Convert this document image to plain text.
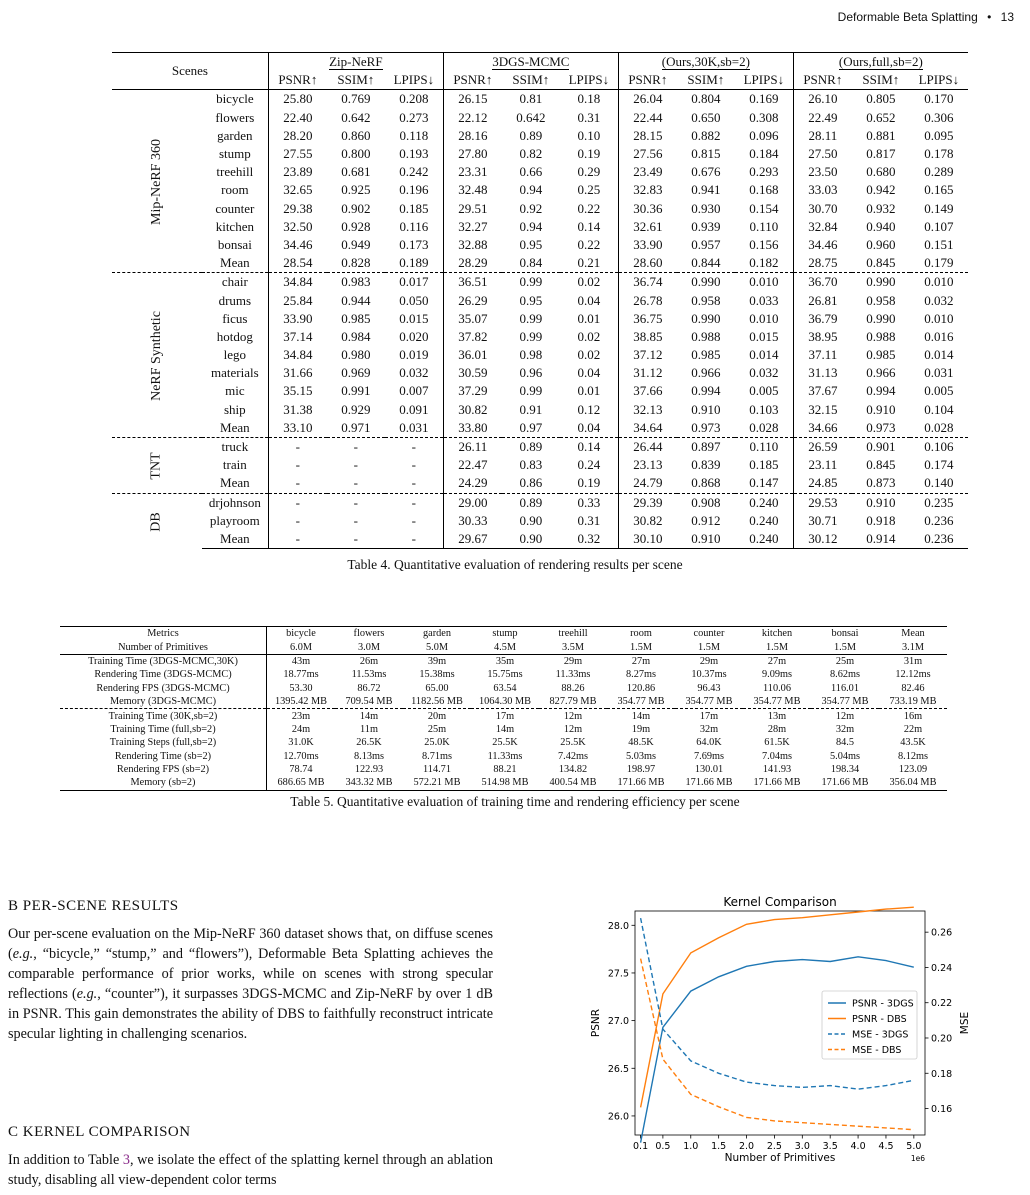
Deformable Beta Splatting • 13
Scenes		Zip-NeRF			3DGS-MCMC			(Ours,30K,sb=2)			(Ours,full,sb=2)		
		PSNR↑	SSIM↑	LPIPS↓	PSNR↑	SSIM↑	LPIPS↓	PSNR↑	SSIM↑	LPIPS↓	PSNR↑	SSIM↑	LPIPS↓
Mip-NeRF 360	bicycle	25.80	0.769	0.208	26.15	0.81	0.18	26.04	0.804	0.169	26.10	0.805	0.170
	flowers	22.40	0.642	0.273	22.12	0.642	0.31	22.44	0.650	0.308	22.49	0.652	0.306
	garden	28.20	0.860	0.118	28.16	0.89	0.10	28.15	0.882	0.096	28.11	0.881	0.095
	stump	27.55	0.800	0.193	27.80	0.82	0.19	27.56	0.815	0.184	27.50	0.817	0.178
	treehill	23.89	0.681	0.242	23.31	0.66	0.29	23.49	0.676	0.293	23.50	0.680	0.289
	room	32.65	0.925	0.196	32.48	0.94	0.25	32.83	0.941	0.168	33.03	0.942	0.165
	counter	29.38	0.902	0.185	29.51	0.92	0.22	30.36	0.930	0.154	30.70	0.932	0.149
	kitchen	32.50	0.928	0.116	32.27	0.94	0.14	32.61	0.939	0.110	32.84	0.940	0.107
	bonsai	34.46	0.949	0.173	32.88	0.95	0.22	33.90	0.957	0.156	34.46	0.960	0.151
	Mean	28.54	0.828	0.189	28.29	0.84	0.21	28.60	0.844	0.182	28.75	0.845	0.179
NeRF Synthetic	chair	34.84	0.983	0.017	36.51	0.99	0.02	36.74	0.990	0.010	36.70	0.990	0.010
	drums	25.84	0.944	0.050	26.29	0.95	0.04	26.78	0.958	0.033	26.81	0.958	0.032
	ficus	33.90	0.985	0.015	35.07	0.99	0.01	36.75	0.990	0.010	36.79	0.990	0.010
	hotdog	37.14	0.984	0.020	37.82	0.99	0.02	38.85	0.988	0.015	38.95	0.988	0.016
	lego	34.84	0.980	0.019	36.01	0.98	0.02	37.12	0.985	0.014	37.11	0.985	0.014
	materials	31.66	0.969	0.032	30.59	0.96	0.04	31.12	0.966	0.032	31.13	0.966	0.031
	mic	35.15	0.991	0.007	37.29	0.99	0.01	37.66	0.994	0.005	37.67	0.994	0.005
	ship	31.38	0.929	0.091	30.82	0.91	0.12	32.13	0.910	0.103	32.15	0.910	0.104
	Mean	33.10	0.971	0.031	33.80	0.97	0.04	34.64	0.973	0.028	34.66	0.973	0.028
TNT	truck	-	-	-	26.11	0.89	0.14	26.44	0.897	0.110	26.59	0.901	0.106
	train	-	-	-	22.47	0.83	0.24	23.13	0.839	0.185	23.11	0.845	0.174
	Mean	-	-	-	24.29	0.86	0.19	24.79	0.868	0.147	24.85	0.873	0.140
DB	drjohnson	-	-	-	29.00	0.89	0.33	29.39	0.908	0.240	29.53	0.910	0.235
	playroom	-	-	-	30.33	0.90	0.31	30.82	0.912	0.240	30.71	0.918	0.236
	Mean	-	-	-	29.67	0.90	0.32	30.10	0.910	0.240	30.12	0.914	0.236
Table 4. Quantitative evaluation of rendering results per scene
Metrics	bicycle	flowers	garden	stump	treehill	room	counter	kitchen	bonsai	Mean
Number of Primitives	6.0M	3.0M	5.0M	4.5M	3.5M	1.5M	1.5M	1.5M	1.5M	3.1M
Training Time (3DGS-MCMC,30K)	43m	26m	39m	35m	29m	27m	29m	27m	25m	31m
Rendering Time (3DGS-MCMC)	18.77ms	11.53ms	15.38ms	15.75ms	11.33ms	8.27ms	10.37ms	9.09ms	8.62ms	12.12ms
Rendering FPS (3DGS-MCMC)	53.30	86.72	65.00	63.54	88.26	120.86	96.43	110.06	116.01	82.46
Memory (3DGS-MCMC)	1395.42 MB	709.54 MB	1182.56 MB	1064.30 MB	827.79 MB	354.77 MB	354.77 MB	354.77 MB	354.77 MB	733.19 MB
Training Time (30K,sb=2)	23m	14m	20m	17m	12m	14m	17m	13m	12m	16m
Training Time (full,sb=2)	24m	11m	25m	14m	12m	19m	32m	28m	32m	22m
Training Steps (full,sb=2)	31.0K	26.5K	25.0K	25.5K	25.5K	48.5K	64.0K	61.5K	84.5	43.5K
Rendering Time (sb=2)	12.70ms	8.13ms	8.71ms	11.33ms	7.42ms	5.03ms	7.69ms	7.04ms	5.04ms	8.12ms
Rendering FPS (sb=2)	78.74	122.93	114.71	88.21	134.82	198.97	130.01	141.93	198.34	123.09
Memory (sb=2)	686.65 MB	343.32 MB	572.21 MB	514.98 MB	400.54 MB	171.66 MB	171.66 MB	171.66 MB	171.66 MB	356.04 MB
Table 5. Quantitative evaluation of training time and rendering efficiency per scene
B PER-SCENE RESULTS
Our per-scene evaluation on the Mip-NeRF 360 dataset shows that, on diffuse scenes (e.g., “bicycle,” “stump,” and “flowers”), Deformable Beta Splatting achieves the comparable performance of prior works, while on scenes with strong specular reflections (e.g., “counter”), it surpasses 3DGS-MCMC and Zip-NeRF by over 1 dB in PSNR. This gain demonstrates the ability of DBS to faithfully reconstruct intricate specular lighting in challenging scenarios.
C KERNEL COMPARISON
In addition to Table 3, we isolate the effect of the splatting kernel through an ablation study, disabling all view-dependent color terms
Kernel Comparison
0.1 0.5 1.0 1.5 2.0 2.5 3.0 3.5 4.0 4.5 5.0
Number of Primitives	1e6
26.0
26.5
27.0
27.5
28.0
PSNR
0.16
0.18
0.20
0.22
0.24
0.26
MSE
PSNR - 3DGS
PSNR - DBS
MSE - 3DGS
MSE - DBS
